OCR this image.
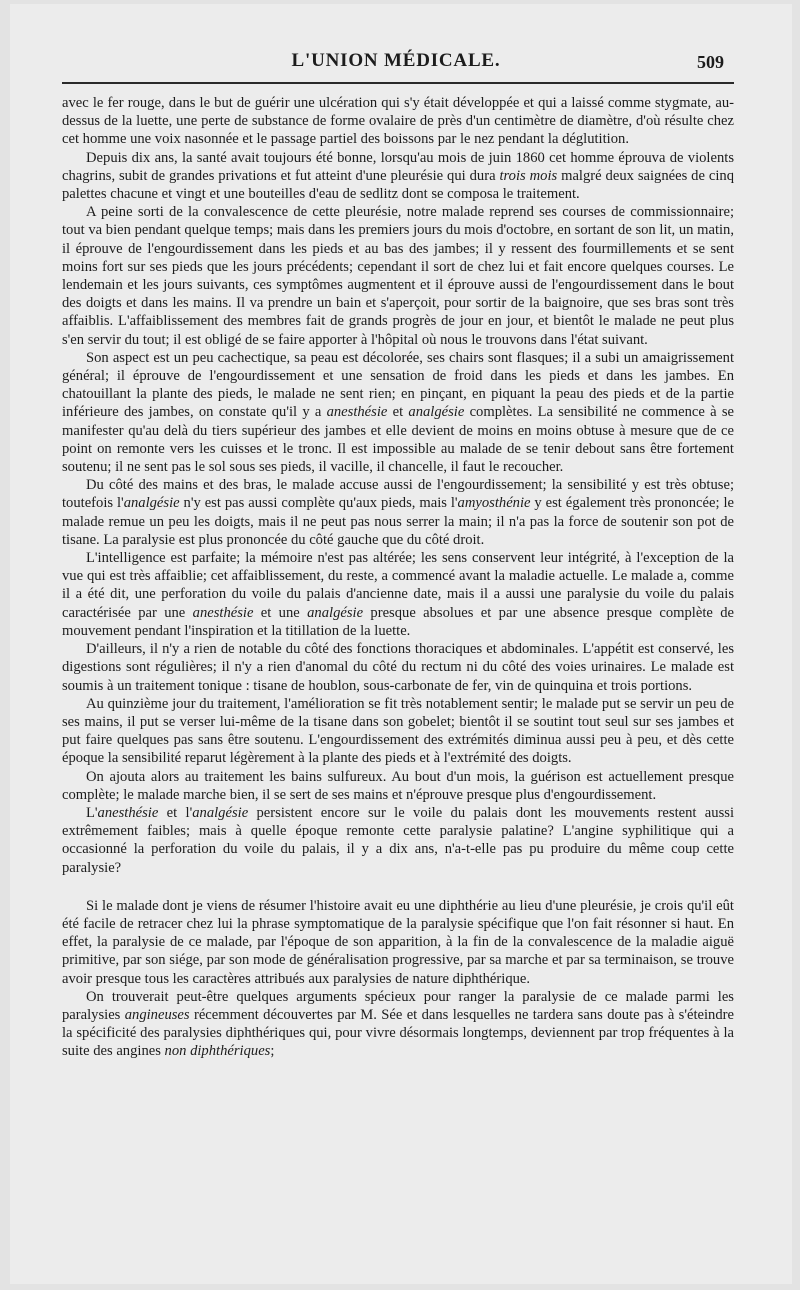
L'UNION MÉDICALE.	509

avec le fer rouge, dans le but de guérir une ulcération qui s'y était développée et qui a laissé comme stygmate, au-dessus de la luette, une perte de substance de forme ovalaire de près d'un centimètre de diamètre, d'où résulte chez cet homme une voix nasonnée et le passage partiel des boissons par le nez pendant la déglutition.

Depuis dix ans, la santé avait toujours été bonne, lorsqu'au mois de juin 1860 cet homme éprouva de violents chagrins, subit de grandes privations et fut atteint d'une pleurésie qui dura trois mois malgré deux saignées de cinq palettes chacune et vingt et une bouteilles d'eau de sedlitz dont se composa le traitement.

A peine sorti de la convalescence de cette pleurésie, notre malade reprend ses courses de commissionnaire; tout va bien pendant quelque temps; mais dans les premiers jours du mois d'octobre, en sortant de son lit, un matin, il éprouve de l'engourdissement dans les pieds et au bas des jambes; il y ressent des fourmillements et se sent moins fort sur ses pieds que les jours précédents; cependant il sort de chez lui et fait encore quelques courses. Le lendemain et les jours suivants, ces symptômes augmentent et il éprouve aussi de l'engourdissement dans le bout des doigts et dans les mains. Il va prendre un bain et s'aperçoit, pour sortir de la baignoire, que ses bras sont très affaiblis. L'affaiblissement des membres fait de grands progrès de jour en jour, et bientôt le malade ne peut plus s'en servir du tout; il est obligé de se faire apporter à l'hôpital où nous le trouvons dans l'état suivant.

Son aspect est un peu cachectique, sa peau est décolorée, ses chairs sont flasques; il a subi un amaigrissement général; il éprouve de l'engourdissement et une sensation de froid dans les pieds et dans les jambes. En chatouillant la plante des pieds, le malade ne sent rien; en pinçant, en piquant la peau des pieds et de la partie inférieure des jambes, on constate qu'il y a anesthésie et analgésie complètes. La sensibilité ne commence à se manifester qu'au delà du tiers supérieur des jambes et elle devient de moins en moins obtuse à mesure que de ce point on remonte vers les cuisses et le tronc. Il est impossible au malade de se tenir debout sans être fortement soutenu; il ne sent pas le sol sous ses pieds, il vacille, il chancelle, il faut le recoucher.

Du côté des mains et des bras, le malade accuse aussi de l'engourdissement; la sensibilité y est très obtuse; toutefois l'analgésie n'y est pas aussi complète qu'aux pieds, mais l'amyosthénie y est également très prononcée; le malade remue un peu les doigts, mais il ne peut pas nous serrer la main; il n'a pas la force de soutenir son pot de tisane. La paralysie est plus prononcée du côté gauche que du côté droit.

L'intelligence est parfaite; la mémoire n'est pas altérée; les sens conservent leur intégrité, à l'exception de la vue qui est très affaiblie; cet affaiblissement, du reste, a commencé avant la maladie actuelle. Le malade a, comme il a été dit, une perforation du voile du palais d'ancienne date, mais il a aussi une paralysie du voile du palais caractérisée par une anesthésie et une analgésie presque absolues et par une absence presque complète de mouvement pendant l'inspiration et la titillation de la luette.

D'ailleurs, il n'y a rien de notable du côté des fonctions thoraciques et abdominales. L'appétit est conservé, les digestions sont régulières; il n'y a rien d'anomal du côté du rectum ni du côté des voies urinaires. Le malade est soumis à un traitement tonique : tisane de houblon, sous-carbonate de fer, vin de quinquina et trois portions.

Au quinzième jour du traitement, l'amélioration se fit très notablement sentir; le malade put se servir un peu de ses mains, il put se verser lui-même de la tisane dans son gobelet; bientôt il se soutint tout seul sur ses jambes et put faire quelques pas sans être soutenu. L'engourdissement des extrémités diminua aussi peu à peu, et dès cette époque la sensibilité reparut légèrement à la plante des pieds et à l'extrémité des doigts.

On ajouta alors au traitement les bains sulfureux. Au bout d'un mois, la guérison est actuellement presque complète; le malade marche bien, il se sert de ses mains et n'éprouve presque plus d'engourdissement.

L'anesthésie et l'analgésie persistent encore sur le voile du palais dont les mouvements restent aussi extrêmement faibles; mais à quelle époque remonte cette paralysie palatine? L'angine syphilitique qui a occasionné la perforation du voile du palais, il y a dix ans, n'a-t-elle pas pu produire du même coup cette paralysie?

Si le malade dont je viens de résumer l'histoire avait eu une diphthérie au lieu d'une pleurésie, je crois qu'il eût été facile de retracer chez lui la phrase symptomatique de la paralysie spécifique que l'on fait résonner si haut. En effet, la paralysie de ce malade, par l'époque de son apparition, à la fin de la convalescence de la maladie aiguë primitive, par son siége, par son mode de généralisation progressive, par sa marche et par sa terminaison, se trouve avoir presque tous les caractères attribués aux paralysies de nature diphthérique.

On trouverait peut-être quelques arguments spécieux pour ranger la paralysie de ce malade parmi les paralysies angineuses récemment découvertes par M. Sée et dans lesquelles ne tardera sans doute pas à s'éteindre la spécificité des paralysies diphthériques qui, pour vivre désormais longtemps, deviennent par trop fréquentes à la suite des angines non diphthériques;
